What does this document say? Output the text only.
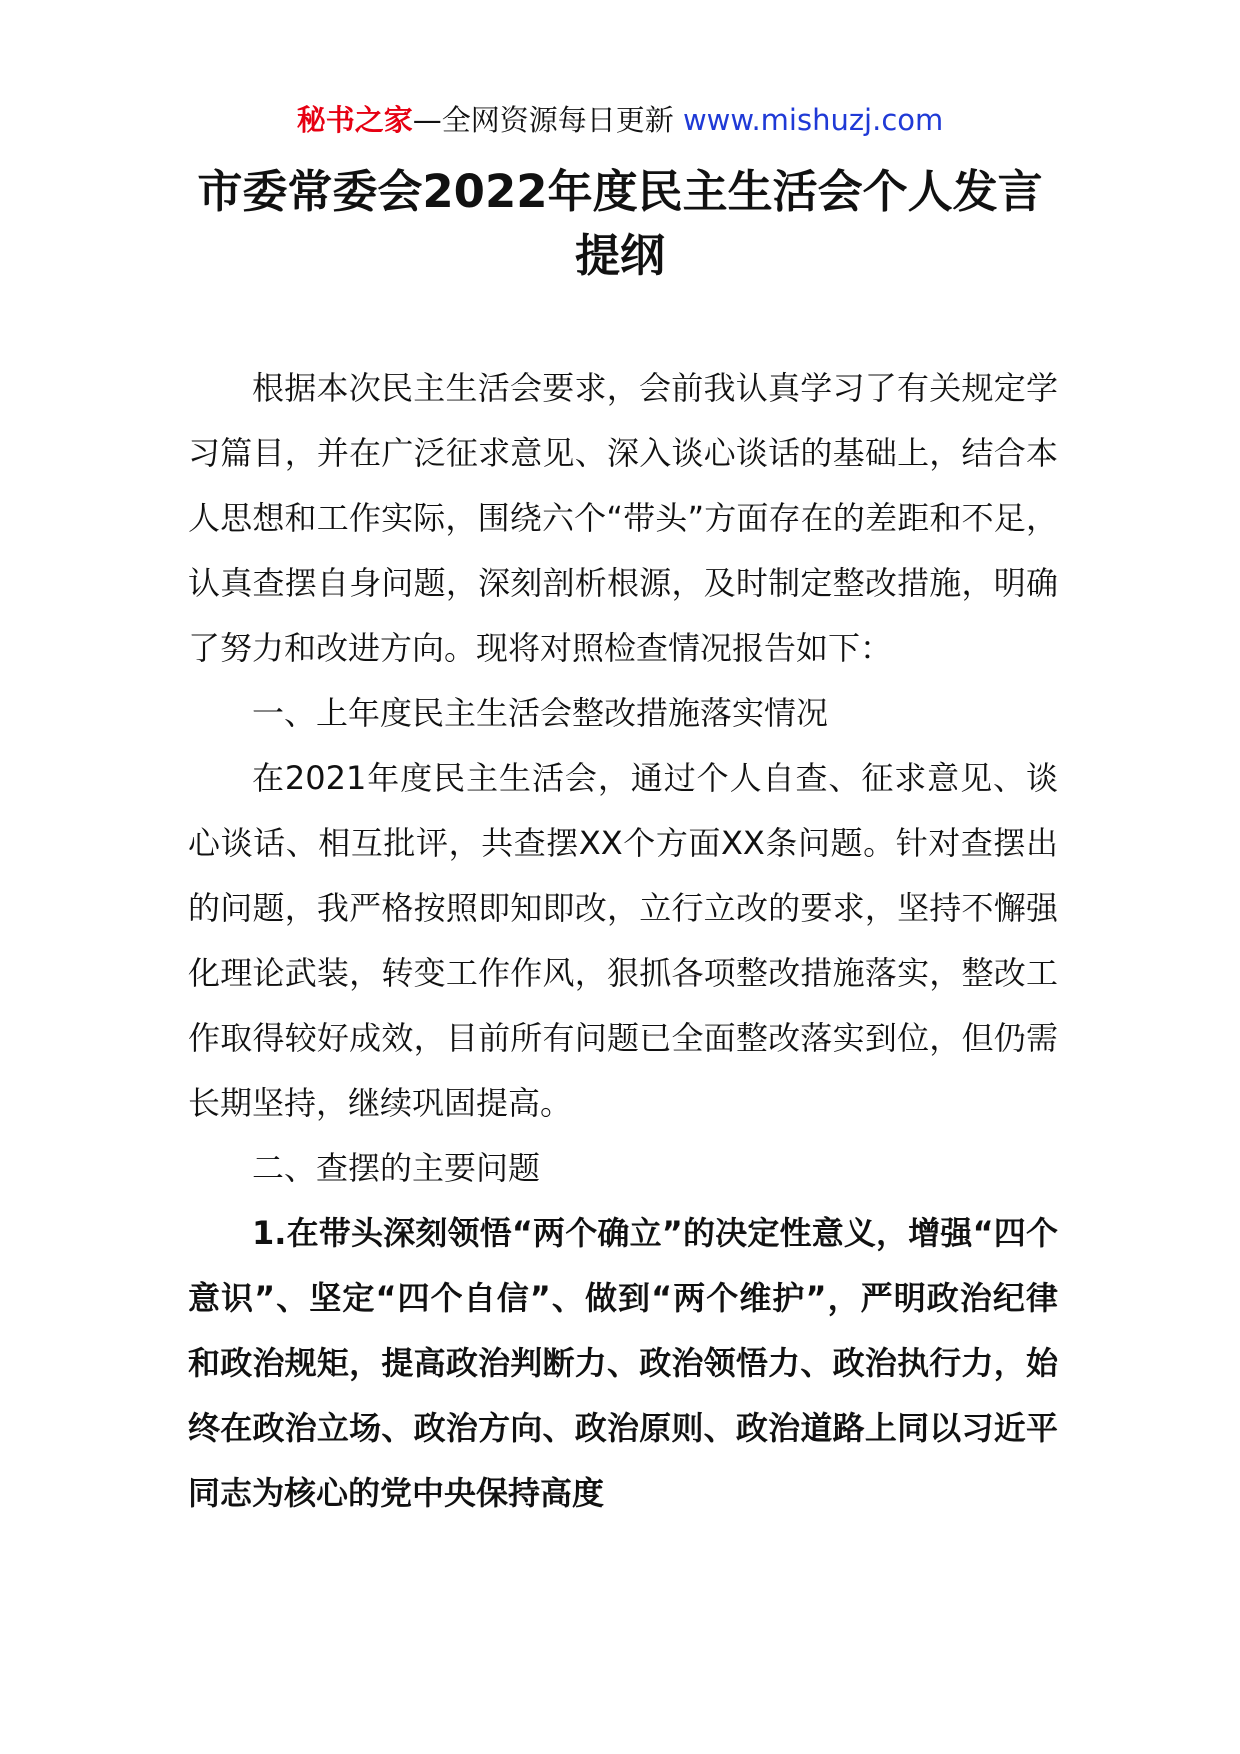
秘书之家—全网资源每日更新 www.mishuzj.com
市委常委会2022年度民主生活会个人发言提纲

根据本次民主生活会要求，会前我认真学习了有关规定学习篇目，并在广泛征求意见、深入谈心谈话的基础上，结合本人思想和工作实际，围绕六个“带头”方面存在的差距和不足，认真查摆自身问题，深刻剖析根源，及时制定整改措施，明确了努力和改进方向。现将对照检查情况报告如下：

一、上年度民主生活会整改措施落实情况

在2021年度民主生活会，通过个人自查、征求意见、谈心谈话、相互批评，共查摆XX个方面XX条问题。针对查摆出的问题，我严格按照即知即改，立行立改的要求，坚持不懈强化理论武装，转变工作作风，狠抓各项整改措施落实，整改工作取得较好成效，目前所有问题已全面整改落实到位，但仍需长期坚持，继续巩固提高。

二、查摆的主要问题

1.在带头深刻领悟“两个确立”的决定性意义，增强“四个意识”、坚定“四个自信”、做到“两个维护”，严明政治纪律和政治规矩，提高政治判断力、政治领悟力、政治执行力，始终在政治立场、政治方向、政治原则、政治道路上同以习近平同志为核心的党中央保持高度
